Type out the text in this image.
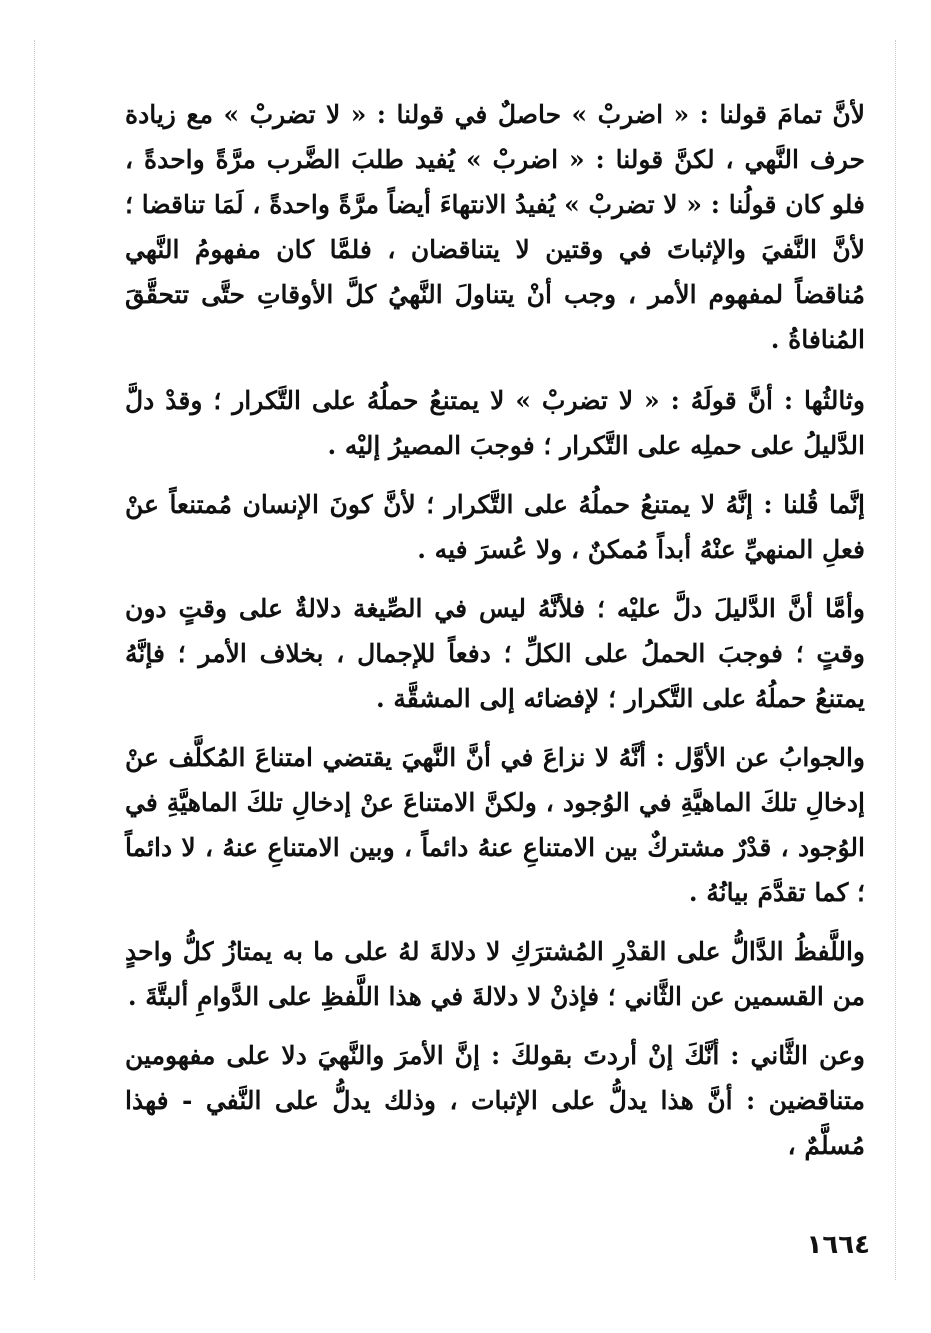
لأنَّ تمامَ قولنا : « اضربْ » حاصلٌ في قولنا : « لا تضربْ » مع زيادة حرف النَّهي ، لكنَّ قولنا : « اضربْ » يُفيد طلبَ الضَّرب مرَّةً واحدةً ، فلو كان قولُنا : « لا تضربْ » يُفيدُ الانتهاءَ أيضاً مرَّةً واحدةً ، لَمَا تناقضا ؛ لأنَّ النَّفيَ والإثباتَ في وقتين لا يتناقضان ، فلمَّا كان مفهومُ النَّهي مُناقضاً لمفهوم الأمر ، وجب أنْ يتناولَ النَّهيُ كلَّ الأوقاتِ حتَّى تتحقَّقَ المُنافاةُ .

وثالثُها : أنَّ قولَهُ : « لا تضربْ » لا يمتنعُ حملُهُ على التَّكرار ؛ وقدْ دلَّ الدَّليلُ على حملِه على التَّكرار ؛ فوجبَ المصيرُ إليْه .

إنَّما قُلنا : إنَّهُ لا يمتنعُ حملُهُ على التَّكرار ؛ لأنَّ كونَ الإنسان مُمتنعاً عنْ فعلِ المنهيِّ عنْهُ أبداً مُمكنٌ ، ولا عُسرَ فيه .

وأمَّا أنَّ الدَّليلَ دلَّ عليْه ؛ فلأنَّهُ ليس في الصِّيغة دلالةٌ على وقتٍ دون وقتٍ ؛ فوجبَ الحملُ على الكلِّ ؛ دفعاً للإجمال ، بخلاف الأمر ؛ فإنَّهُ يمتنعُ حملُهُ على التَّكرار ؛ لإفضائه إلى المشقَّة .

والجوابُ عن الأوَّل : أنَّهُ لا نزاعَ في أنَّ النَّهيَ يقتضي امتناعَ المُكلَّف عنْ إدخالِ تلكَ الماهيَّةِ في الوُجود ، ولكنَّ الامتناعَ عنْ إدخالِ تلكَ الماهيَّةِ في الوُجود ، قدْرٌ مشتركٌ بين الامتناعِ عنهُ دائماً ، وبين الامتناعِ عنهُ ، لا دائماً ؛ كما تقدَّمَ بيانُهُ .

واللَّفظُ الدَّالُّ على القدْرِ المُشترَكِ لا دلالةَ لهُ على ما به يمتازُ كلُّ واحدٍ من القسمين عن الثَّاني ؛ فإذنْ لا دلالةَ في هذا اللَّفظِ على الدَّوامِ ألبتَّةَ .

وعن الثَّاني : أنَّكَ إنْ أردتَ بقولكَ : إنَّ الأمرَ والنَّهيَ دلا على مفهومين متناقضين : أنَّ هذا يدلُّ على الإثبات ، وذلك يدلُّ على النَّفي - فهذا مُسلَّمٌ ،

١٦٦٤
